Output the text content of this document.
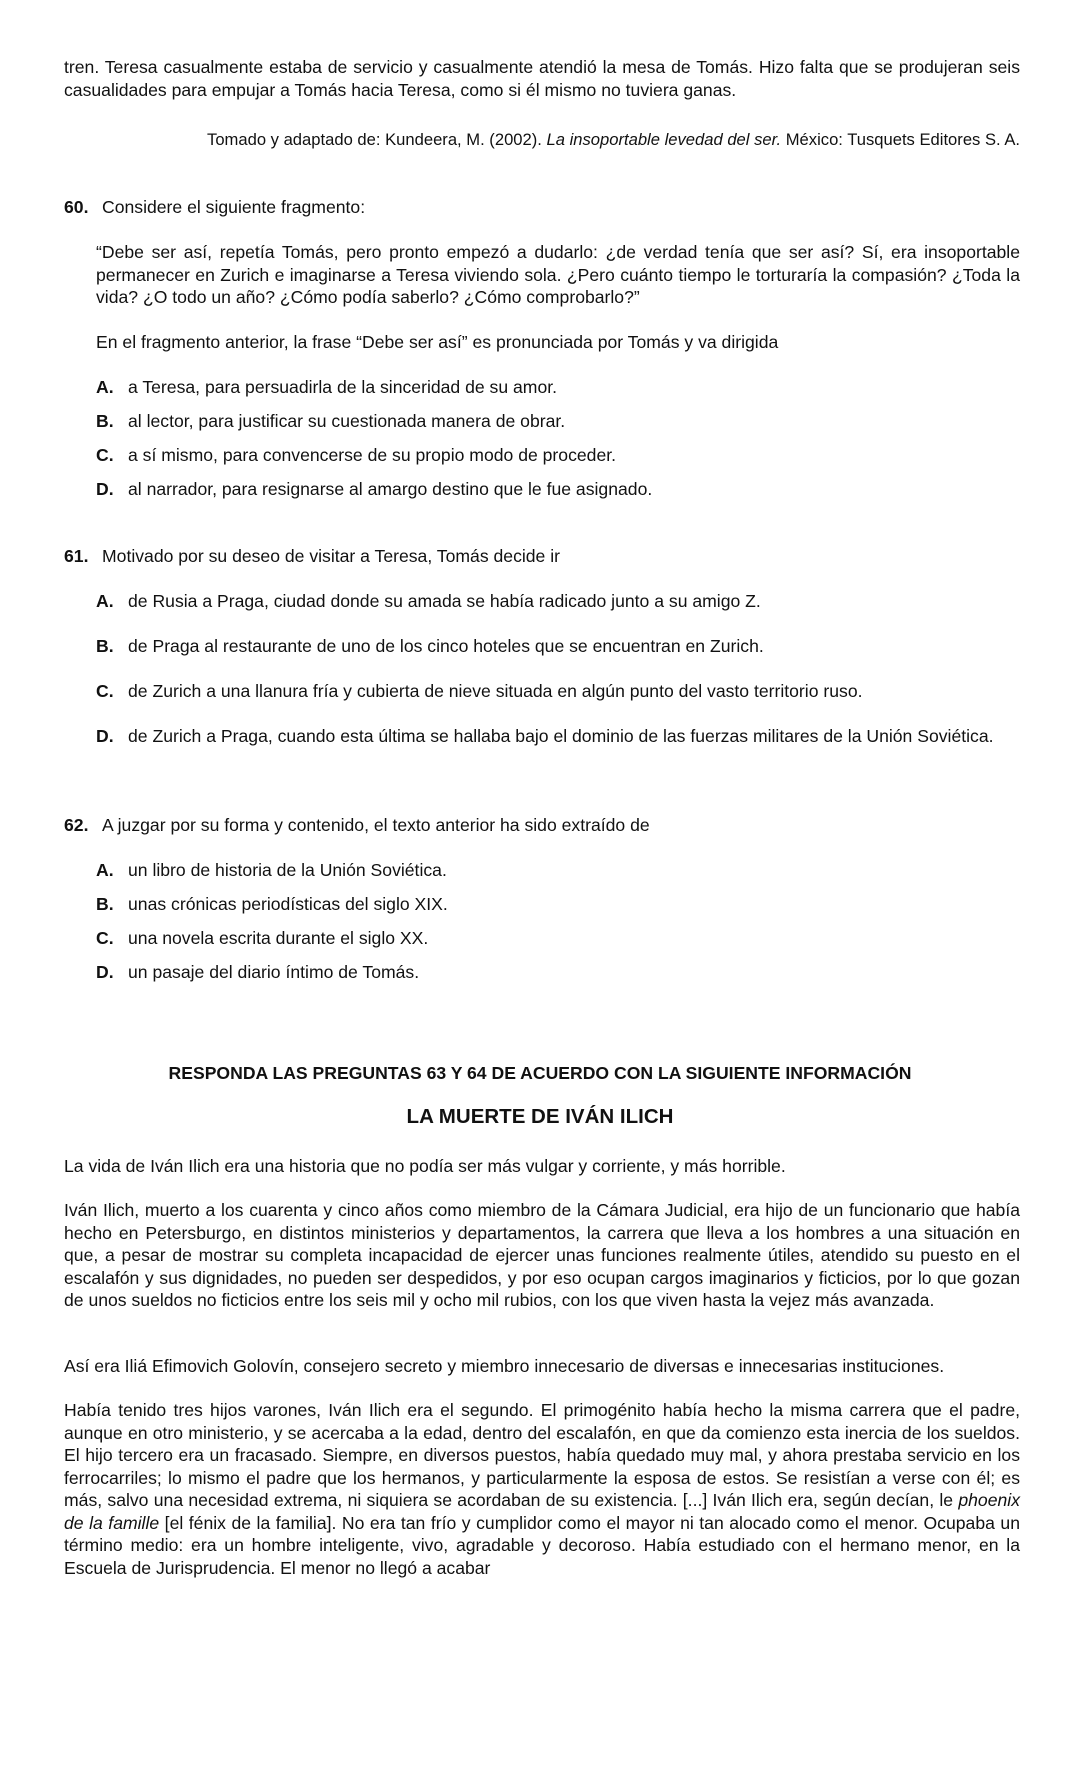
tren. Teresa casualmente estaba de servicio y casualmente atendió la mesa de Tomás. Hizo falta que se produjeran seis casualidades para empujar a Tomás hacia Teresa, como si él mismo no tuviera ganas.

Tomado y adaptado de: Kundeera, M. (2002). La insoportable levedad del ser. México: Tusquets Editores S. A.

60. Considere el siguiente fragmento:

“Debe ser así, repetía Tomás, pero pronto empezó a dudarlo: ¿de verdad tenía que ser así? Sí, era insoportable permanecer en Zurich e imaginarse a Teresa viviendo sola. ¿Pero cuánto tiempo le torturaría la compasión? ¿Toda la vida? ¿O todo un año? ¿Cómo podía saberlo? ¿Cómo comprobarlo?”

En el fragmento anterior, la frase “Debe ser así” es pronunciada por Tomás y va dirigida

A. a Teresa, para persuadirla de la sinceridad de su amor.
B. al lector, para justificar su cuestionada manera de obrar.
C. a sí mismo, para convencerse de su propio modo de proceder.
D. al narrador, para resignarse al amargo destino que le fue asignado.

61. Motivado por su deseo de visitar a Teresa, Tomás decide ir

A. de Rusia a Praga, ciudad donde su amada se había radicado junto a su amigo Z.
B. de Praga al restaurante de uno de los cinco hoteles que se encuentran en Zurich.
C. de Zurich a una llanura fría y cubierta de nieve situada en algún punto del vasto territorio ruso.
D. de Zurich a Praga, cuando esta última se hallaba bajo el dominio de las fuerzas militares de la Unión Soviética.

62. A juzgar por su forma y contenido, el texto anterior ha sido extraído de

A. un libro de historia de la Unión Soviética.
B. unas crónicas periodísticas del siglo XIX.
C. una novela escrita durante el siglo XX.
D. un pasaje del diario íntimo de Tomás.

RESPONDA LAS PREGUNTAS 63 Y 64 DE ACUERDO CON LA SIGUIENTE INFORMACIÓN

LA MUERTE DE IVÁN ILICH

La vida de Iván Ilich era una historia que no podía ser más vulgar y corriente, y más horrible.

Iván Ilich, muerto a los cuarenta y cinco años como miembro de la Cámara Judicial, era hijo de un funcionario que había hecho en Petersburgo, en distintos ministerios y departamentos, la carrera que lleva a los hombres a una situación en que, a pesar de mostrar su completa incapacidad de ejercer unas funciones realmente útiles, atendido su puesto en el escalafón y sus dignidades, no pueden ser despedidos, y por eso ocupan cargos imaginarios y ficticios, por lo que gozan de unos sueldos no ficticios entre los seis mil y ocho mil rubios, con los que viven hasta la vejez más avanzada.

Así era Iliá Efimovich Golovín, consejero secreto y miembro innecesario de diversas e innecesarias instituciones.

Había tenido tres hijos varones, Iván Ilich era el segundo. El primogénito había hecho la misma carrera que el padre, aunque en otro ministerio, y se acercaba a la edad, dentro del escalafón, en que da comienzo esta inercia de los sueldos. El hijo tercero era un fracasado. Siempre, en diversos puestos, había quedado muy mal, y ahora prestaba servicio en los ferrocarriles; lo mismo el padre que los hermanos, y particularmente la esposa de estos. Se resistían a verse con él; es más, salvo una necesidad extrema, ni siquiera se acordaban de su existencia. [...] Iván Ilich era, según decían, le phoenix de la famille [el fénix de la familia]. No era tan frío y cumplidor como el mayor ni tan alocado como el menor. Ocupaba un término medio: era un hombre inteligente, vivo, agradable y decoroso. Había estudiado con el hermano menor, en la Escuela de Jurisprudencia. El menor no llegó a acabar
